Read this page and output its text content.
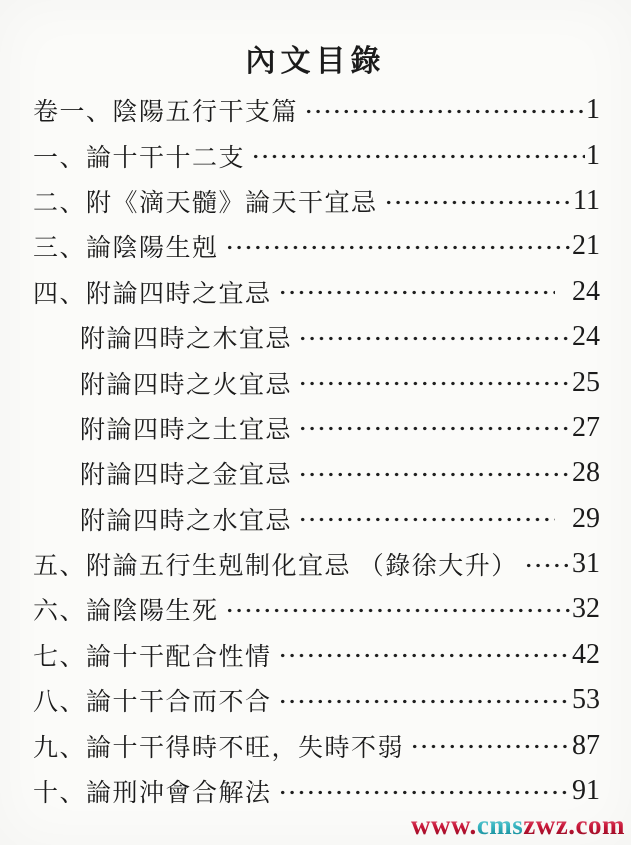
內文目錄
卷一、陰陽五行干支篇	1
一、論十干十二支	1
二、附《滴天髓》論天干宜忌	11
三、論陰陽生剋	21
四、附論四時之宜忌	24
附論四時之木宜忌	24
附論四時之火宜忌	25
附論四時之土宜忌	27
附論四時之金宜忌	28
附論四時之水宜忌	29
五、附論五行生剋制化宜忌 （錄徐大升） 31
六、論陰陽生死	32
七、論十干配合性情	42
八、論十干合而不合	53
九、論十干得時不旺，失時不弱	87
十、論刑沖會合解法	91
www.cmszwz.com
